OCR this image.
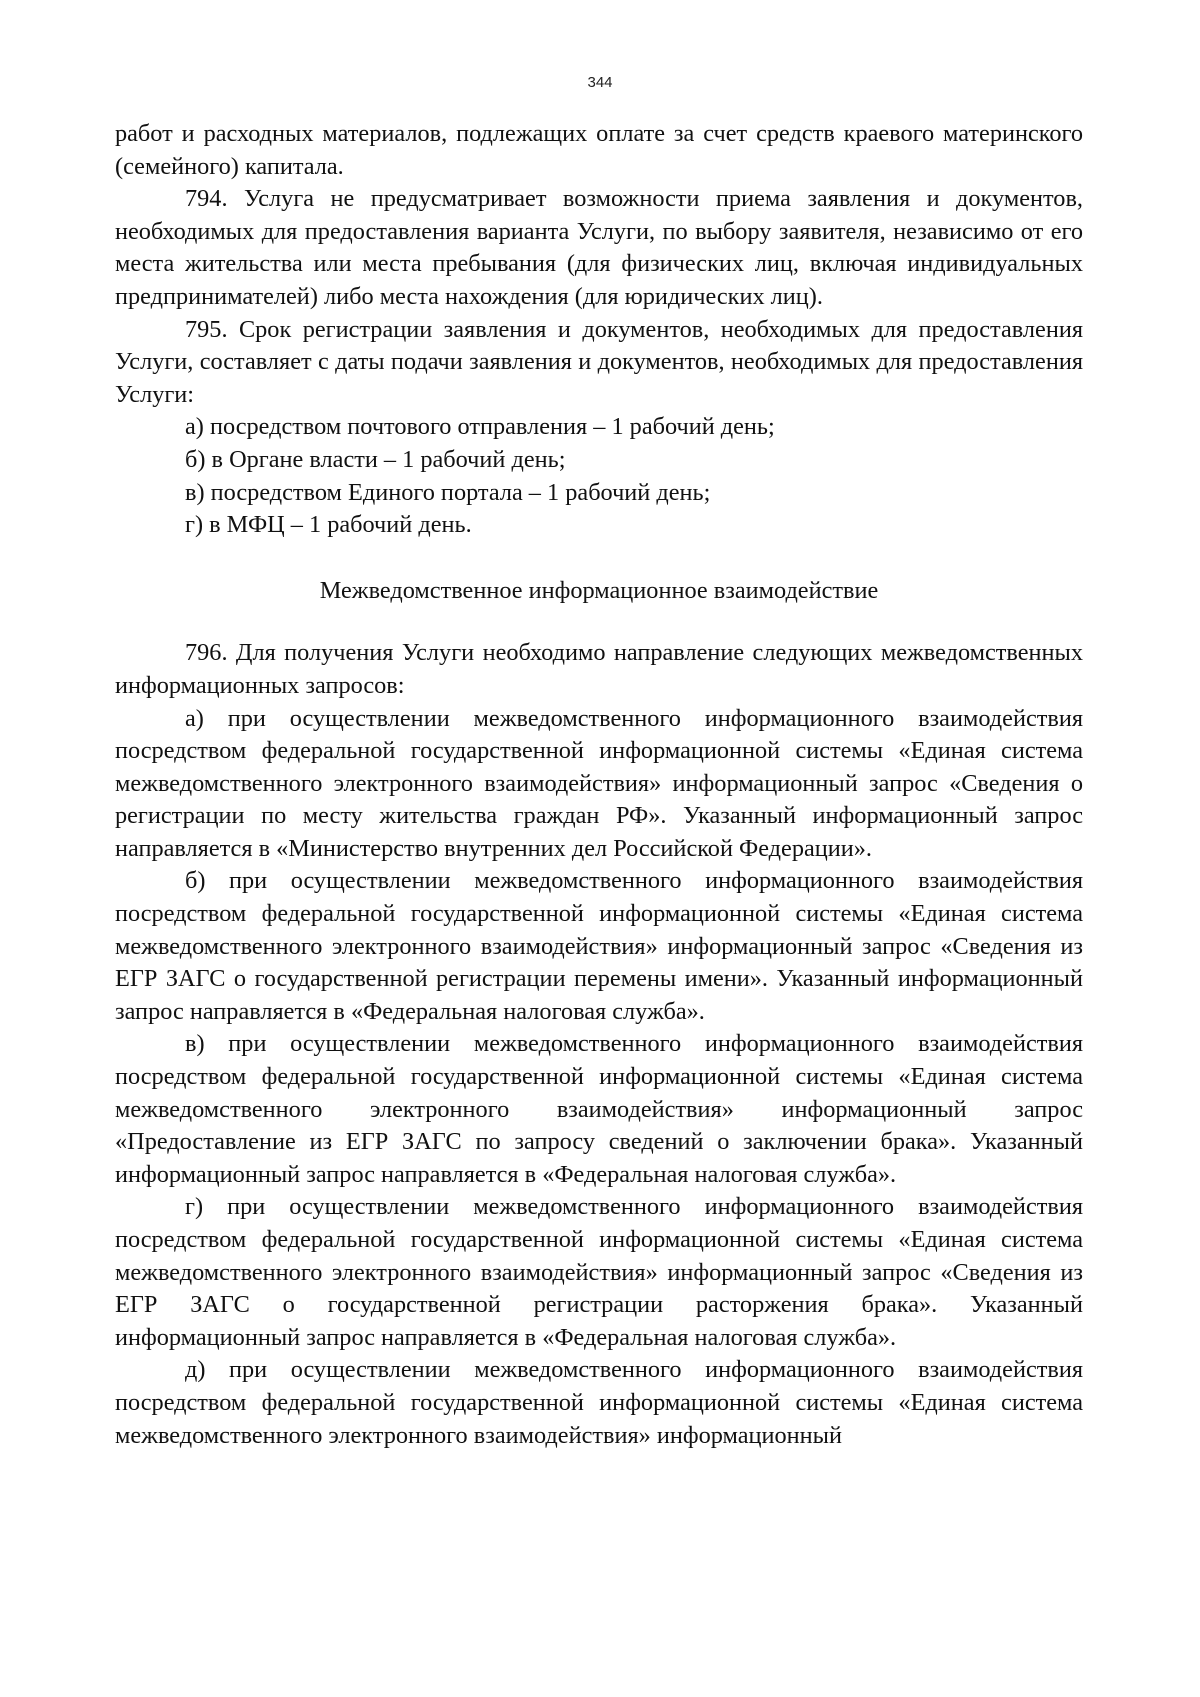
344

работ и расходных материалов, подлежащих оплате за счет средств краевого материнского (семейного) капитала.

794. Услуга не предусматривает возможности приема заявления и документов, необходимых для предоставления варианта Услуги, по выбору заявителя, независимо от его места жительства или места пребывания (для физических лиц, включая индивидуальных предпринимателей) либо места нахождения (для юридических лиц).

795. Срок регистрации заявления и документов, необходимых для предоставления Услуги, составляет с даты подачи заявления и документов, необходимых для предоставления Услуги:

а) посредством почтового отправления – 1 рабочий день;

б) в Органе власти – 1 рабочий день;

в) посредством Единого портала – 1 рабочий день;

г) в МФЦ – 1 рабочий день.

Межведомственное информационное взаимодействие

796. Для получения Услуги необходимо направление следующих межведомственных информационных запросов:

а) при осуществлении межведомственного информационного взаимодействия посредством федеральной государственной информационной системы «Единая система межведомственного электронного взаимодействия» информационный запрос «Сведения о регистрации по месту жительства граждан РФ». Указанный информационный запрос направляется в «Министерство внутренних дел Российской Федерации».

б) при осуществлении межведомственного информационного взаимодействия посредством федеральной государственной информационной системы «Единая система межведомственного электронного взаимодействия» информационный запрос «Сведения из ЕГР ЗАГС о государственной регистрации перемены имени». Указанный информационный запрос направляется в «Федеральная налоговая служба».

в) при осуществлении межведомственного информационного взаимодействия посредством федеральной государственной информационной системы «Единая система межведомственного электронного взаимодействия» информационный запрос «Предоставление из ЕГР ЗАГС по запросу сведений о заключении брака». Указанный информационный запрос направляется в «Федеральная налоговая служба».

г) при осуществлении межведомственного информационного взаимодействия посредством федеральной государственной информационной системы «Единая система межведомственного электронного взаимодействия» информационный запрос «Сведения из ЕГР ЗАГС о государственной регистрации расторжения брака». Указанный информационный запрос направляется в «Федеральная налоговая служба».

д) при осуществлении межведомственного информационного взаимодействия посредством федеральной государственной информационной системы «Единая система межведомственного электронного взаимодействия» информационный
